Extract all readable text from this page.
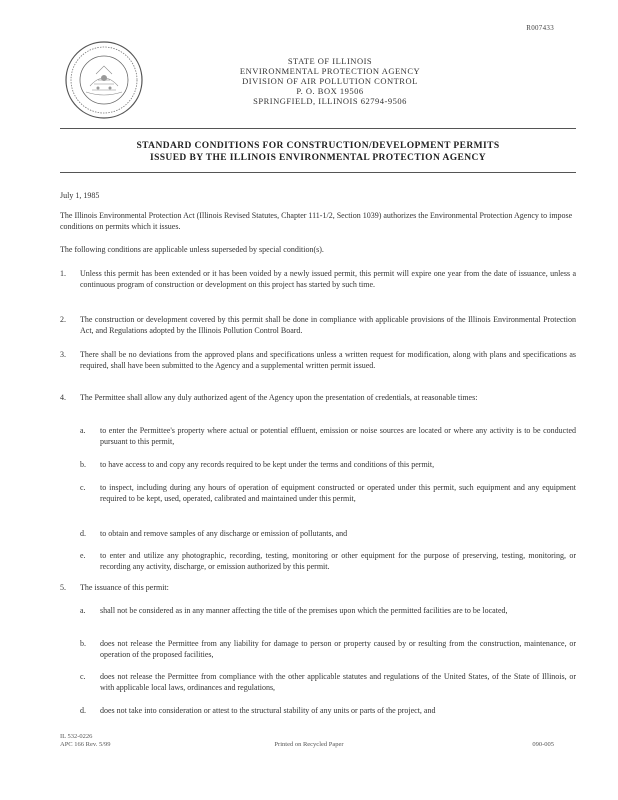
R007433
STATE OF ILLINOIS
ENVIRONMENTAL PROTECTION AGENCY
DIVISION OF AIR POLLUTION CONTROL
P. O. BOX 19506
SPRINGFIELD, ILLINOIS 62794-9506
STANDARD CONDITIONS FOR CONSTRUCTION/DEVELOPMENT PERMITS
ISSUED BY THE ILLINOIS ENVIRONMENTAL PROTECTION AGENCY

July 1, 1985

The Illinois Environmental Protection Act (Illinois Revised Statutes, Chapter 111-1/2, Section 1039) authorizes the Environmental Protection Agency to impose conditions on permits which it issues.

The following conditions are applicable unless superseded by special condition(s).

1.	Unless this permit has been extended or it has been voided by a newly issued permit, this permit will expire one year from the date of issuance, unless a continuous program of construction or development on this project has started by such time.

2.	The construction or development covered by this permit shall be done in compliance with applicable provisions of the Illinois Environmental Protection Act, and Regulations adopted by the Illinois Pollution Control Board.

3.	There shall be no deviations from the approved plans and specifications unless a written request for modification, along with plans and specifications as required, shall have been submitted to the Agency and a supplemental written permit issued.

4.	The Permittee shall allow any duly authorized agent of the Agency upon the presentation of credentials, at reasonable times:

a.	to enter the Permittee's property where actual or potential effluent, emission or noise sources are located or where any activity is to be conducted pursuant to this permit,

b.	to have access to and copy any records required to be kept under the terms and conditions of this permit,

c.	to inspect, including during any hours of operation of equipment constructed or operated under this permit, such equipment and any equipment required to be kept, used, operated, calibrated and maintained under this permit,

d.	to obtain and remove samples of any discharge or emission of pollutants, and

e.	to enter and utilize any photographic, recording, testing, monitoring or other equipment for the purpose of preserving, testing, monitoring, or recording any activity, discharge, or emission authorized by this permit.

5.	The issuance of this permit:

a.	shall not be considered as in any manner affecting the title of the premises upon which the permitted facilities are to be located,

b.	does not release the Permittee from any liability for damage to person or property caused by or resulting from the construction, maintenance, or operation of the proposed facilities,

c.	does not release the Permittee from compliance with the other applicable statutes and regulations of the United States, of the State of Illinois, or with applicable local laws, ordinances and regulations,

d.	does not take into consideration or attest to the structural stability of any units or parts of the project, and

IL 532-0226
APC 166 Rev. 5/99	Printed on Recycled Paper	090-005
